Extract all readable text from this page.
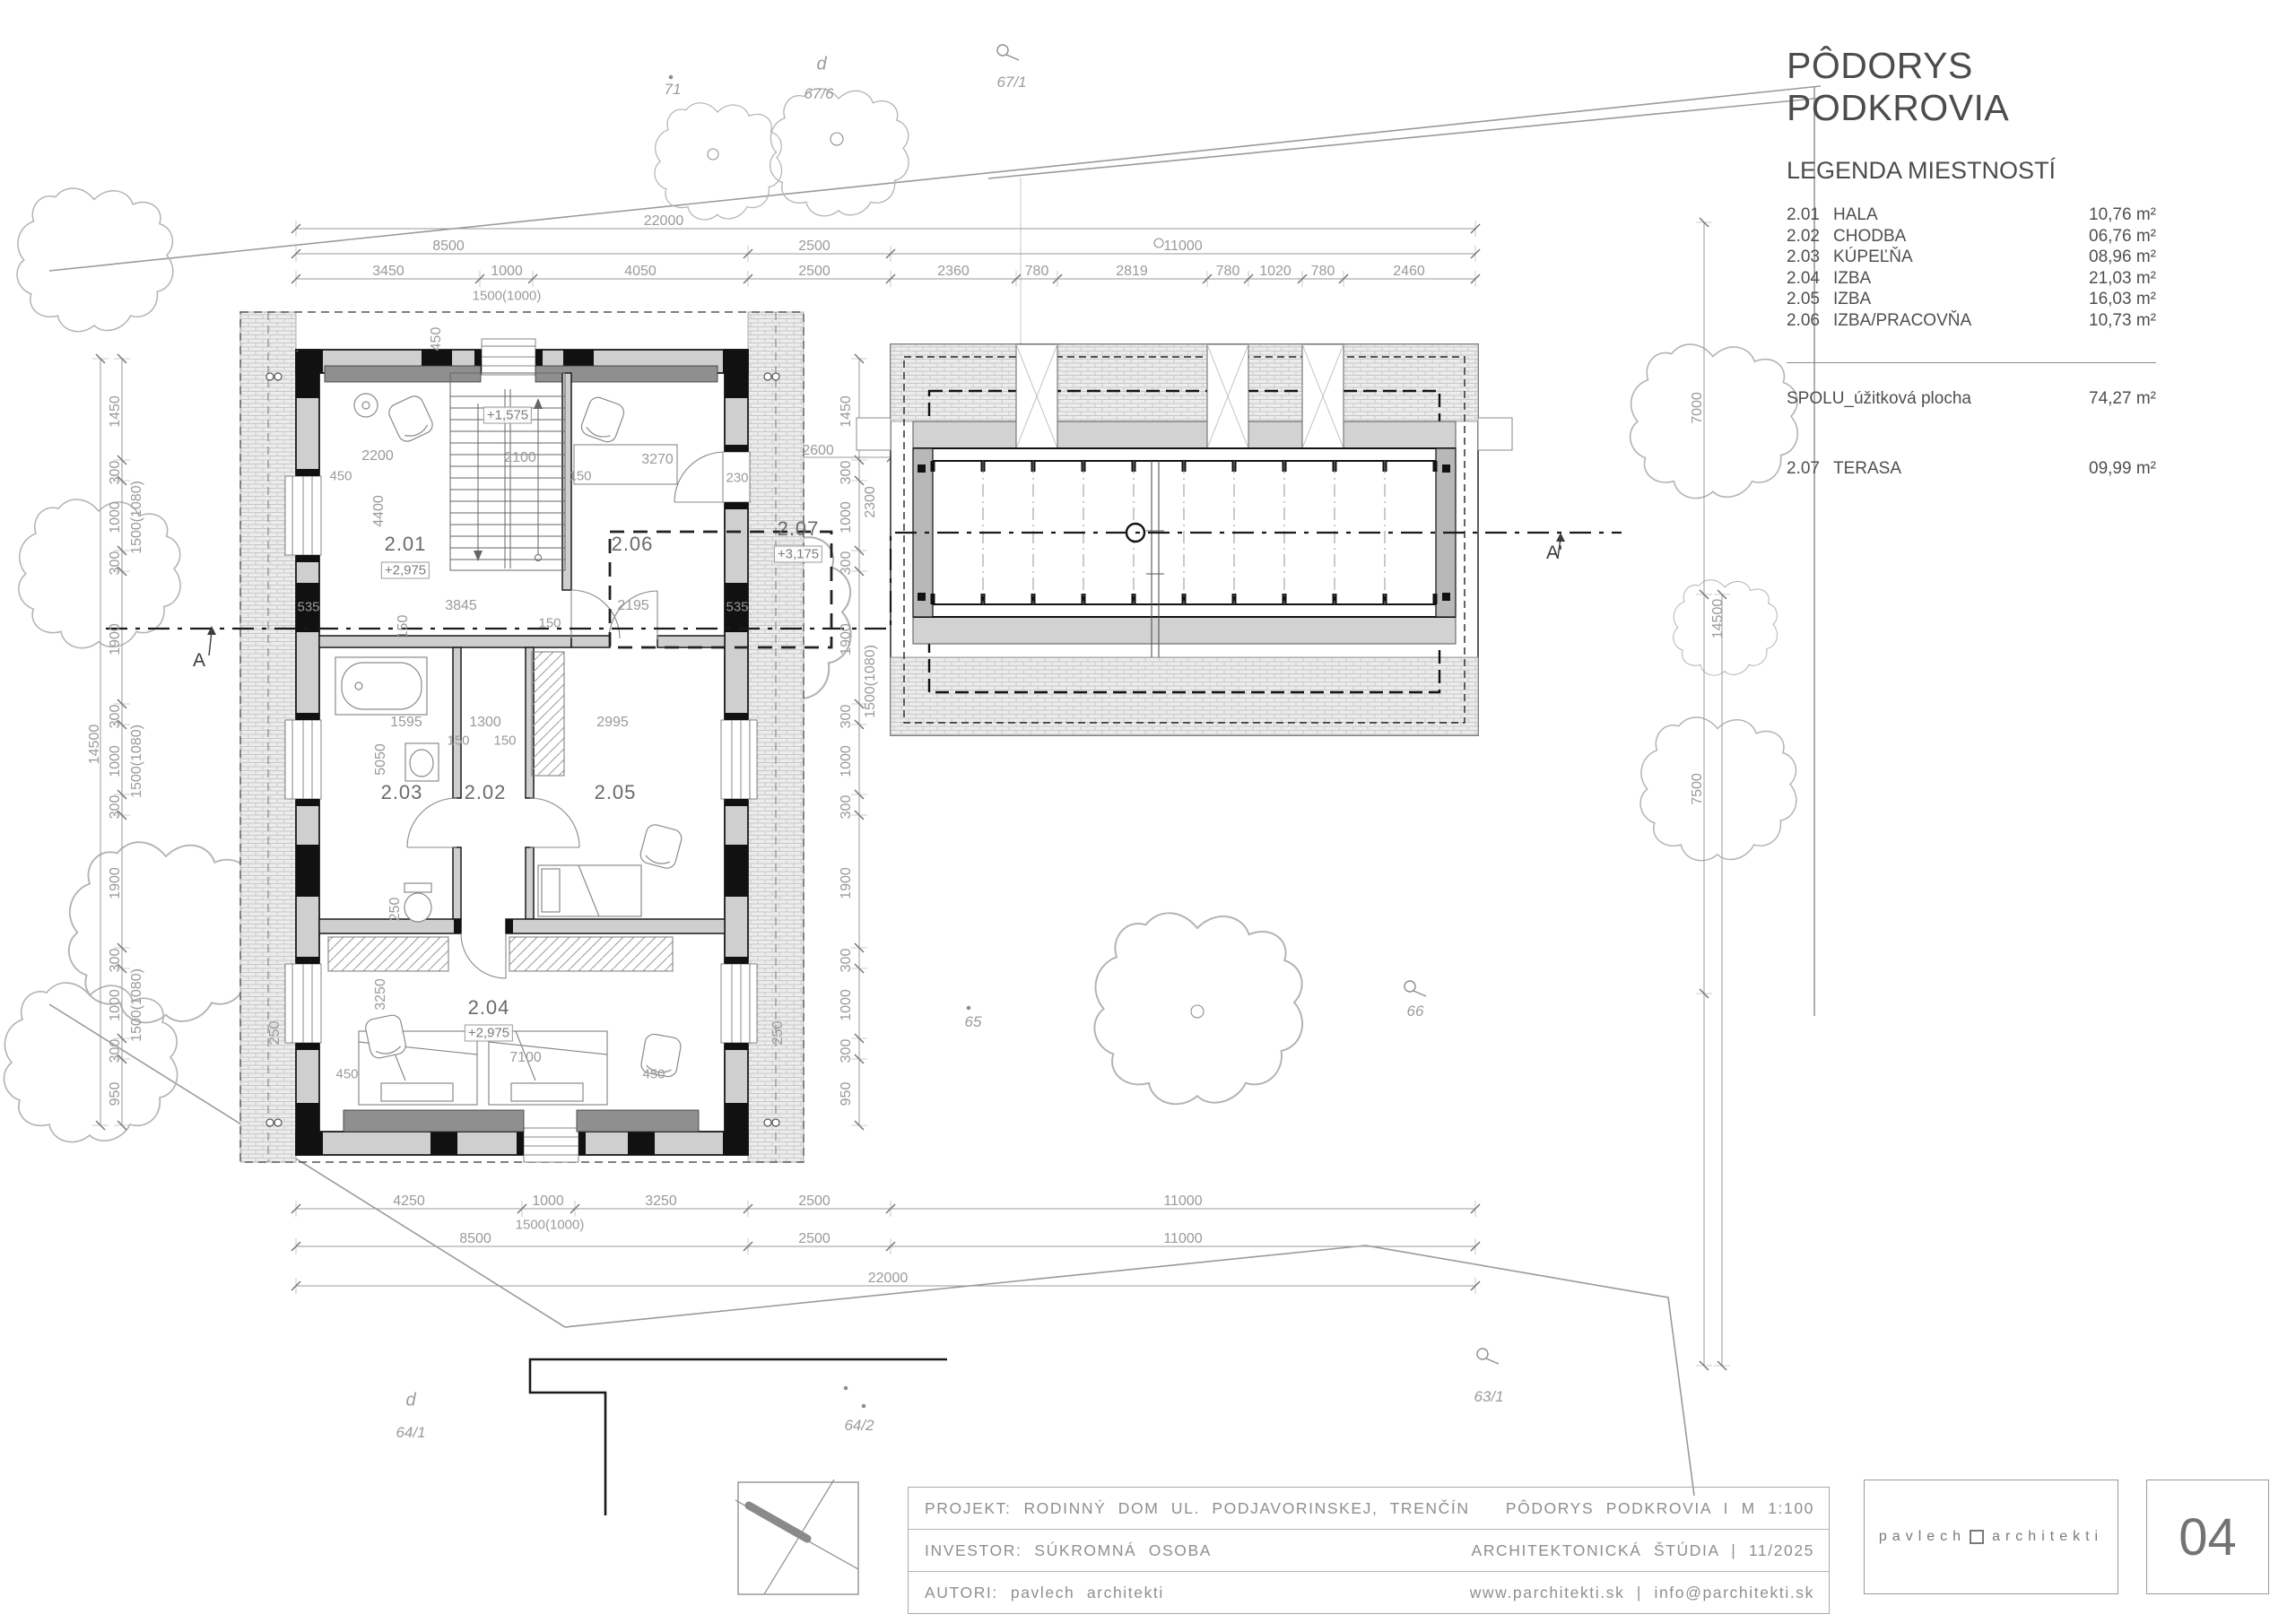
22000
8500	2500	11000
3450	1000	4050	2500	2360	780	2819	780 1020 780	2460
1500(1000)
4250	1000	3250	2500	11000
8500
1500(1000)
2500	11000
22000
1450
300
1000
300
1900
300
1000
300
1900
300
1000
300
950
1500(1080)
1500(1080)
1500(1080)
14500
1450
300
1000
300
1900
300
1000
300
1900
300
1000
300
950
2300
1500(1080)
7000
14500
7500
2200
450
2100
150
3270
230
4400
450
3845
150
2195
535	535
150
1595
150
1300
150
2995
5050
250
3250
7100
450	450
250	250
2600
2.01	2.06
2.03 2.02	2.05
2.04
2.07
+2,975
+1,575
+3,175
+2,975
71
d
67/6
67/1
65
66
d
64/1	64/2
63/1
A
A'
PÔDORYS PODKROVIA
LEGENDA MIESTNOSTÍ
2.01 HALA	10,76 m²
2.02 CHODBA	06,76 m²
2.03 KÚPEĽŇA	08,96 m²
2.04 IZBA	21,03 m²
2.05 IZBA	16,03 m²
2.06 IZBA/PRACOVŇA	10,73 m²
SPOLU_úžitková plocha	74,27 m²
2.07 TERASA	09,99 m²
PROJEKT: RODINNÝ DOM UL. PODJAVORINSKEJ, TRENČÍN PÔDORYS PODKROVIA I M 1:100
INVESTOR: SÚKROMNÁ OSOBA	ARCHITEKTONICKÁ ŠTÚDIA | 11/2025
AUTORI: pavlech architekti	www.parchitekti.sk | info@parchitekti.sk
pavlech architekti	04
